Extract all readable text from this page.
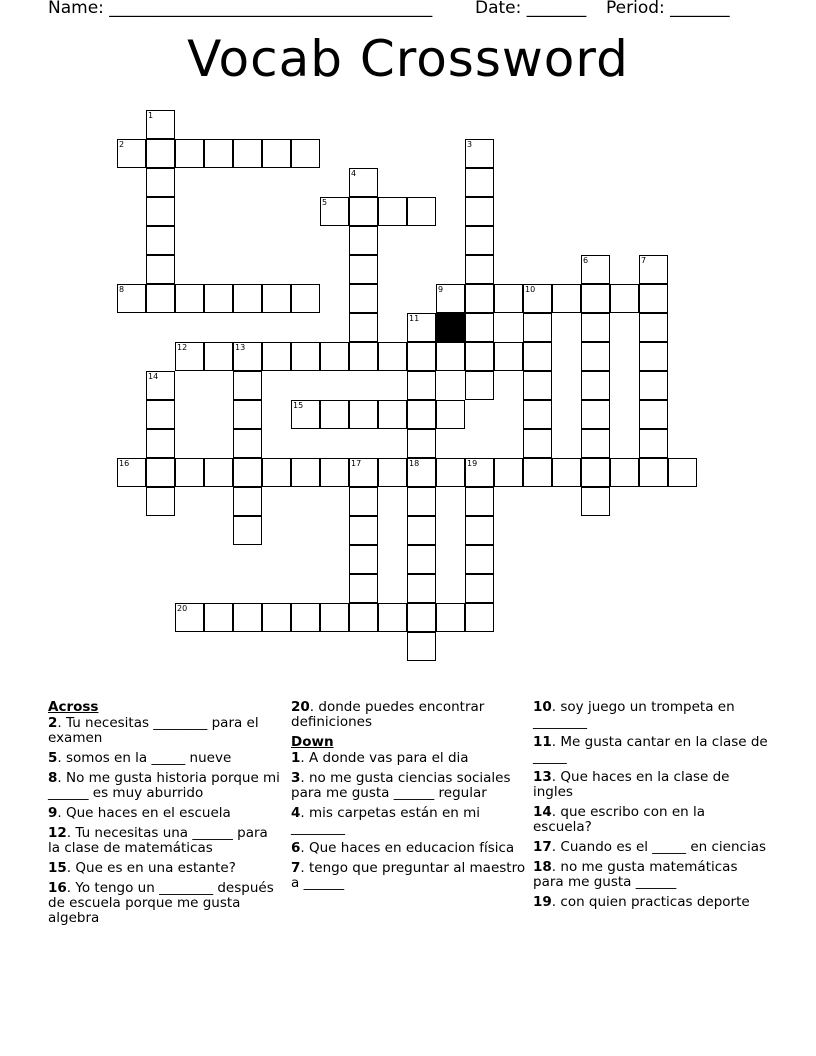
Name: ______________________________________	Date: _______ Period: _______
Vocab Crossword
1
2	3
4
5
6	7
8	9	10
11
12	13
14
15
16	17	18	19
20
Across
2. Tu necesitas ________ para el examen
5. somos en la _____ nueve
8. No me gusta historia porque mi ______ es muy aburrido
9. Que haces en el escuela
12. Tu necesitas una ______ para la clase de matemáticas
15. Que es en una estante?
16. Yo tengo un ________ después de escuela porque me gusta algebra
20. donde puedes encontrar definiciones
Down
1. A donde vas para el dia
3. no me gusta ciencias sociales para me gusta ______ regular
4. mis carpetas están en mi ________
6. Que haces en educacion física
7. tengo que preguntar al maestro a ______
10. soy juego un trompeta en ________
11. Me gusta cantar en la clase de _____
13. Que haces en la clase de ingles
14. que escribo con en la escuela?
17. Cuando es el _____ en ciencias
18. no me gusta matemáticas para me gusta ______
19. con quien practicas deporte
